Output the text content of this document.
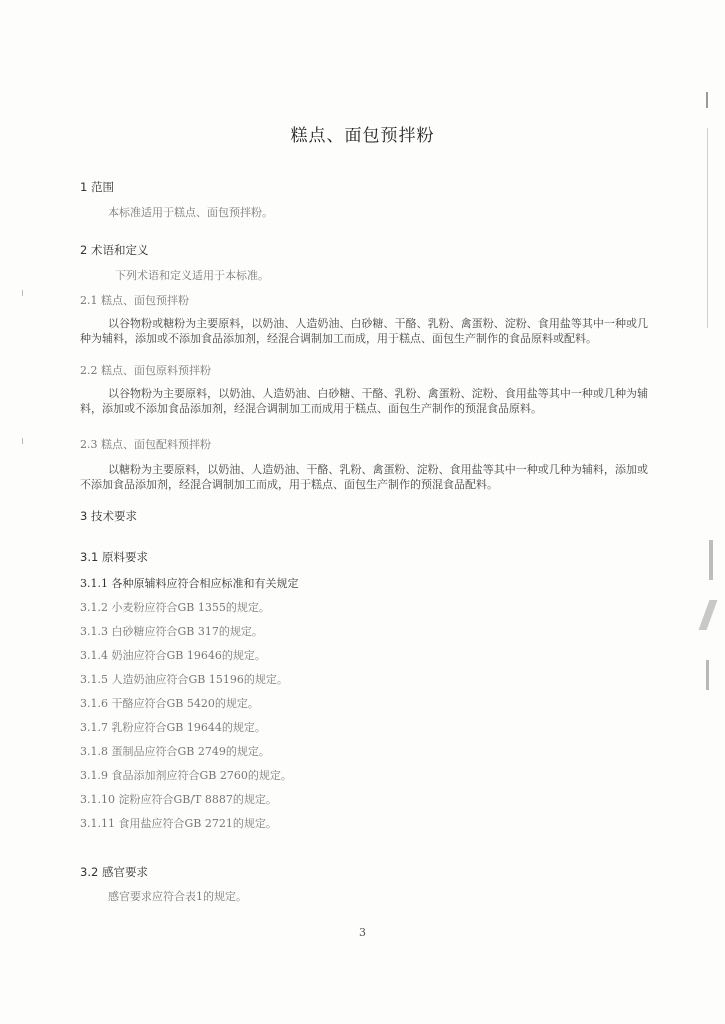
糕点、面包预拌粉
1 范围
本标准适用于糕点、面包预拌粉。
2 术语和定义
下列术语和定义适用于本标准。
2.1 糕点、面包预拌粉
以谷物粉或糖粉为主要原料，以奶油、人造奶油、白砂糖、干酪、乳粉、禽蛋粉、淀粉、食用盐等其中一种或几种为辅料，添加或不添加食品添加剂，经混合调制加工而成，用于糕点、面包生产制作的食品原料或配料。
2.2 糕点、面包原料预拌粉
以谷物粉为主要原料，以奶油、人造奶油、白砂糖、干酪、乳粉、禽蛋粉、淀粉、食用盐等其中一种或几种为辅料，添加或不添加食品添加剂，经混合调制加工而成用于糕点、面包生产制作的预混食品原料。
2.3 糕点、面包配料预拌粉
以糖粉为主要原料，以奶油、人造奶油、干酪、乳粉、禽蛋粉、淀粉、食用盐等其中一种或几种为辅料，添加或不添加食品添加剂，经混合调制加工而成，用于糕点、面包生产制作的预混食品配料。
3 技术要求
3.1 原料要求
3.1.1 各种原辅料应符合相应标准和有关规定
3.1.2 小麦粉应符合GB 1355的规定。
3.1.3 白砂糖应符合GB 317的规定。
3.1.4 奶油应符合GB 19646的规定。
3.1.5 人造奶油应符合GB 15196的规定。
3.1.6 干酪应符合GB 5420的规定。
3.1.7 乳粉应符合GB 19644的规定。
3.1.8 蛋制品应符合GB 2749的规定。
3.1.9 食品添加剂应符合GB 2760的规定。
3.1.10 淀粉应符合GB/T 8887的规定。
3.1.11 食用盐应符合GB 2721的规定。
3.2 感官要求
感官要求应符合表1的规定。
3
